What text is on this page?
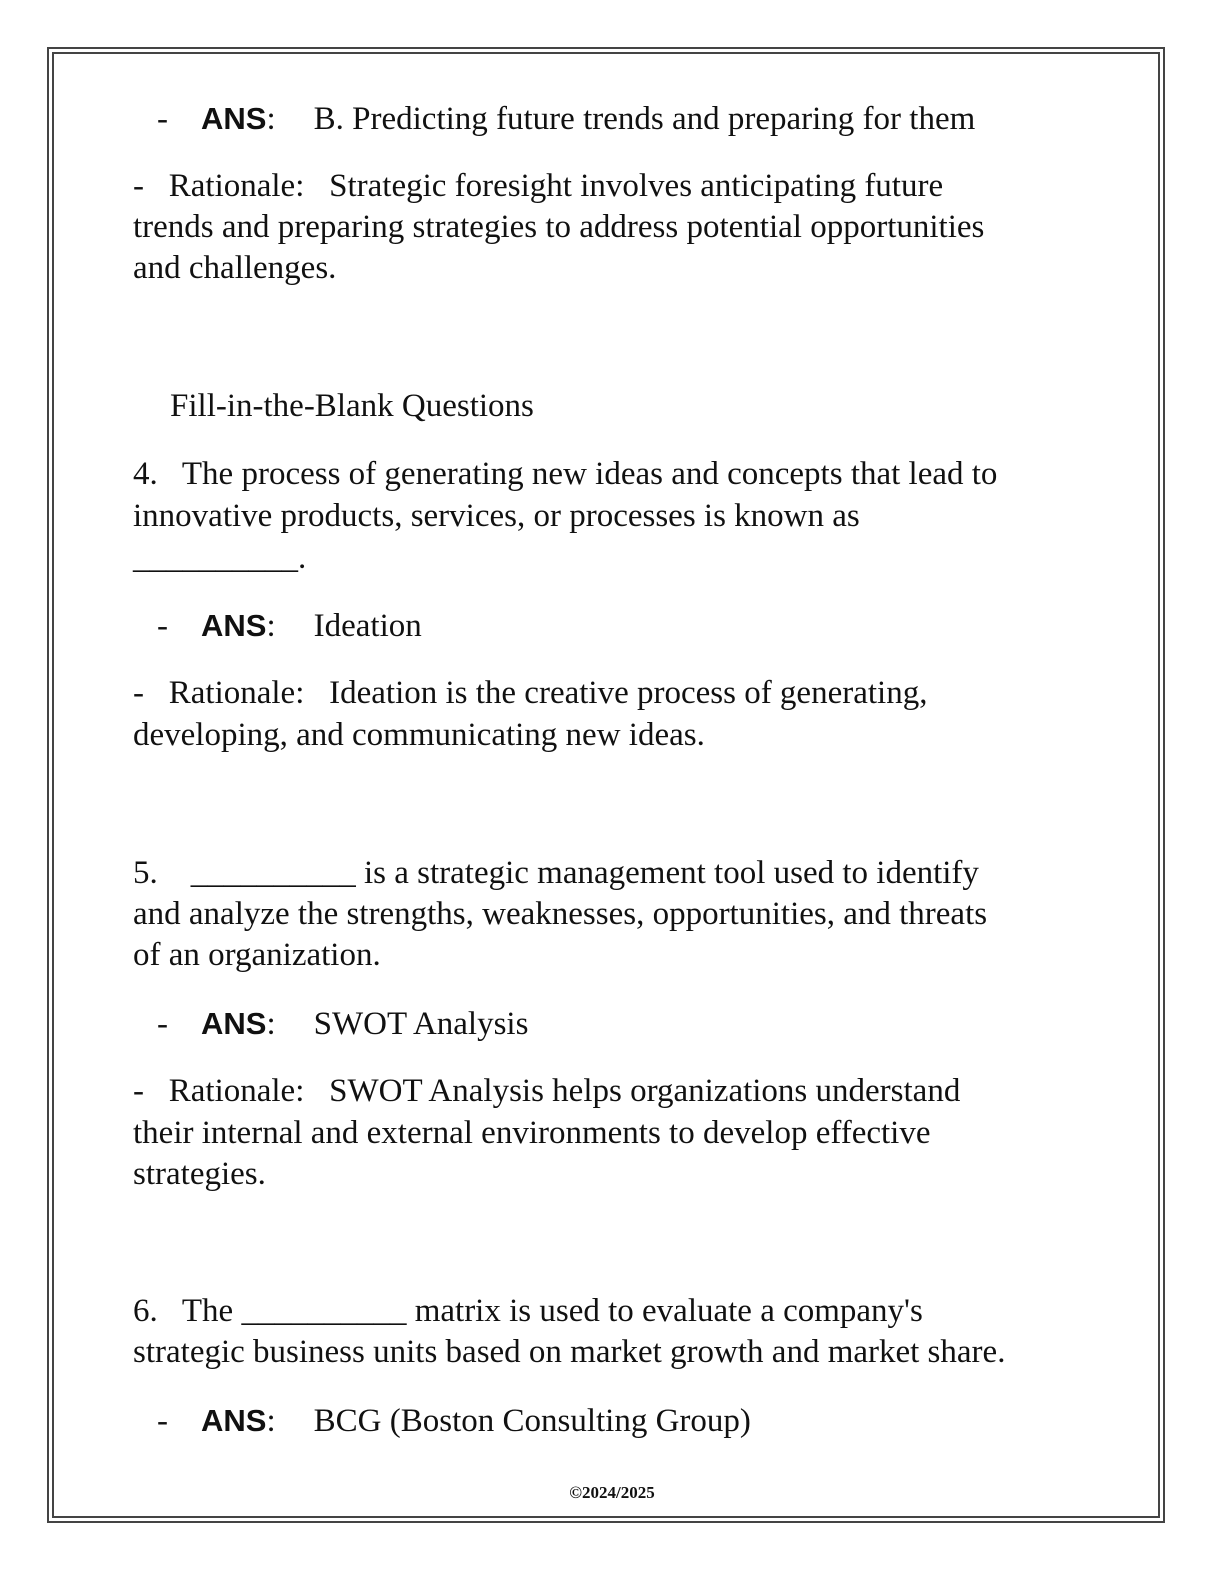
- ANS: B. Predicting future trends and preparing for them
-   Rationale:   Strategic foresight involves anticipating future
trends and preparing strategies to address potential opportunities
and challenges.
Fill-in-the-Blank Questions
4.   The process of generating new ideas and concepts that lead to
innovative products, services, or processes is known as
__________.
- ANS: Ideation
-   Rationale:   Ideation is the creative process of generating,
developing, and communicating new ideas.
5.    __________ is a strategic management tool used to identify
and analyze the strengths, weaknesses, opportunities, and threats
of an organization.
- ANS: SWOT Analysis
-   Rationale:   SWOT Analysis helps organizations understand
their internal and external environments to develop effective
strategies.
6.   The __________ matrix is used to evaluate a company's
strategic business units based on market growth and market share.
- ANS: BCG (Boston Consulting Group)
©2024/2025
